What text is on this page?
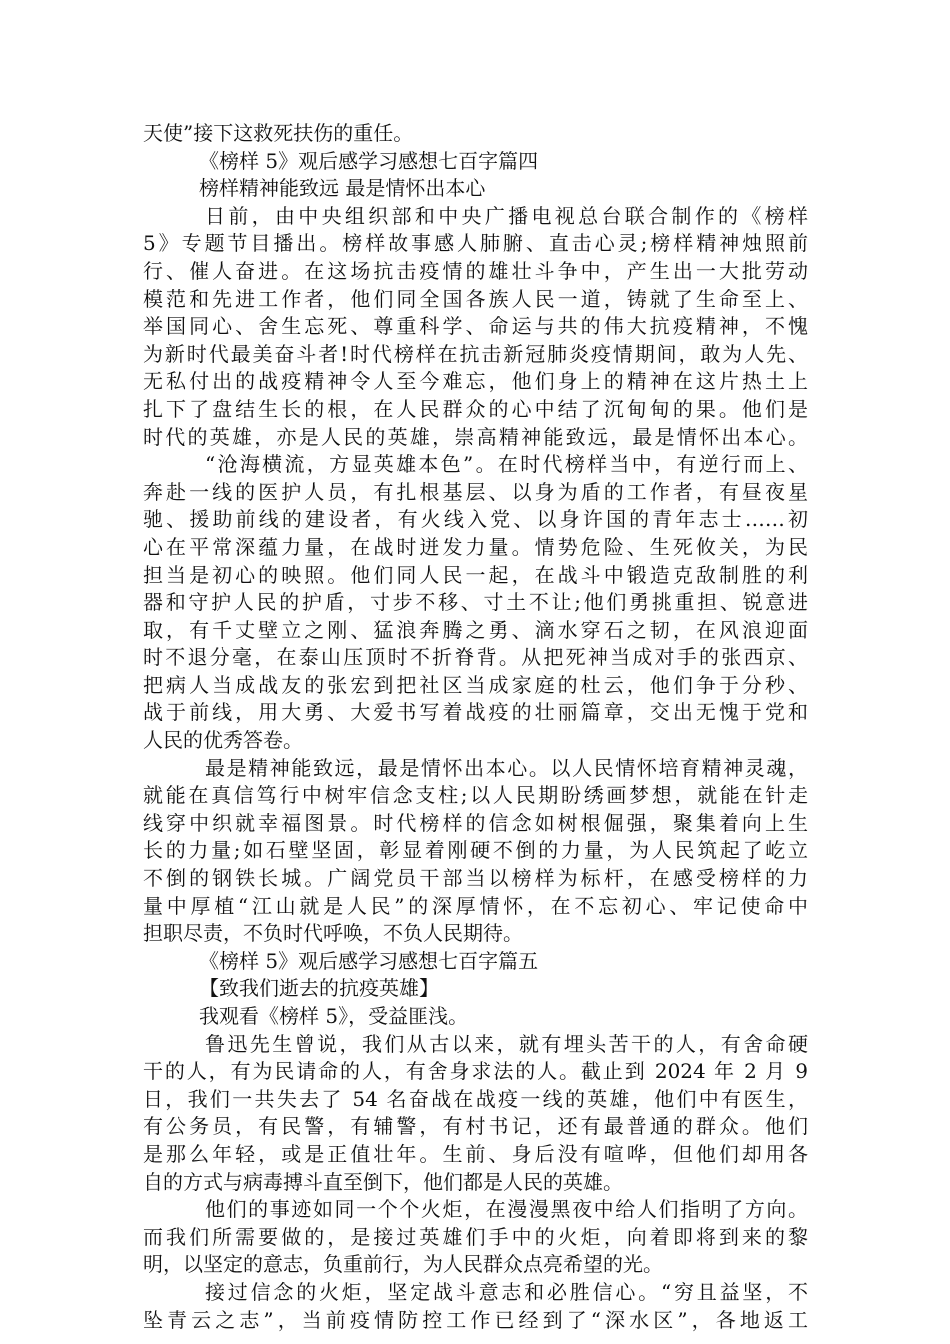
天使”接下这救死扶伤的重任。
《榜样 5》观后感学习感想七百字篇四
榜样精神能致远 最是情怀出本心
日前，由中央组织部和中央广播电视总台联合制作的《榜样
5》专题节目播出。榜样故事感人肺腑、直击心灵;榜样精神烛照前
行、催人奋进。在这场抗击疫情的雄壮斗争中，产生出一大批劳动
模范和先进工作者，他们同全国各族人民一道，铸就了生命至上、
举国同心、舍生忘死、尊重科学、命运与共的伟大抗疫精神，不愧
为新时代最美奋斗者!时代榜样在抗击新冠肺炎疫情期间，敢为人先、
无私付出的战疫精神令人至今难忘，他们身上的精神在这片热土上
扎下了盘结生长的根，在人民群众的心中结了沉甸甸的果。他们是
时代的英雄，亦是人民的英雄，崇高精神能致远，最是情怀出本心。
“沧海横流，方显英雄本色”。在时代榜样当中，有逆行而上、
奔赴一线的医护人员，有扎根基层、以身为盾的工作者，有昼夜星
驰、援助前线的建设者，有火线入党、以身许国的青年志士……初
心在平常深蕴力量，在战时迸发力量。情势危险、生死攸关，为民
担当是初心的映照。他们同人民一起，在战斗中锻造克敌制胜的利
器和守护人民的护盾，寸步不移、寸土不让;他们勇挑重担、锐意进
取，有千丈壁立之刚、猛浪奔腾之勇、滴水穿石之韧，在风浪迎面
时不退分毫，在泰山压顶时不折脊背。从把死神当成对手的张西京、
把病人当成战友的张宏到把社区当成家庭的杜云，他们争于分秒、
战于前线，用大勇、大爱书写着战疫的壮丽篇章，交出无愧于党和
人民的优秀答卷。
最是精神能致远，最是情怀出本心。以人民情怀培育精神灵魂，
就能在真信笃行中树牢信念支柱;以人民期盼绣画梦想，就能在针走
线穿中织就幸福图景。时代榜样的信念如树根倔强，聚集着向上生
长的力量;如石壁坚固，彰显着刚硬不倒的力量，为人民筑起了屹立
不倒的钢铁长城。广阔党员干部当以榜样为标杆，在感受榜样的力
量中厚植“江山就是人民”的深厚情怀，在不忘初心、牢记使命中
担职尽责，不负时代呼唤，不负人民期待。
《榜样 5》观后感学习感想七百字篇五
【致我们逝去的抗疫英雄】
我观看《榜样 5》，受益匪浅。
鲁迅先生曾说，我们从古以来，就有埋头苦干的人，有舍命硬
干的人，有为民请命的人，有舍身求法的人。截止到 2024 年 2 月 9
日，我们一共失去了 54 名奋战在战疫一线的英雄，他们中有医生，
有公务员，有民警，有辅警，有村书记，还有最普通的群众。他们
是那么年轻，或是正值壮年。生前、身后没有喧哗，但他们却用各
自的方式与病毒搏斗直至倒下，他们都是人民的英雄。
他们的事迹如同一个个火炬，在漫漫黑夜中给人们指明了方向。
而我们所需要做的，是接过英雄们手中的火炬，向着即将到来的黎
明，以坚定的意志，负重前行，为人民群众点亮希望的光。
接过信念的火炬，坚定战斗意志和必胜信心。“穷且益坚，不
坠青云之志”，当前疫情防控工作已经到了“深水区”，各地返工
